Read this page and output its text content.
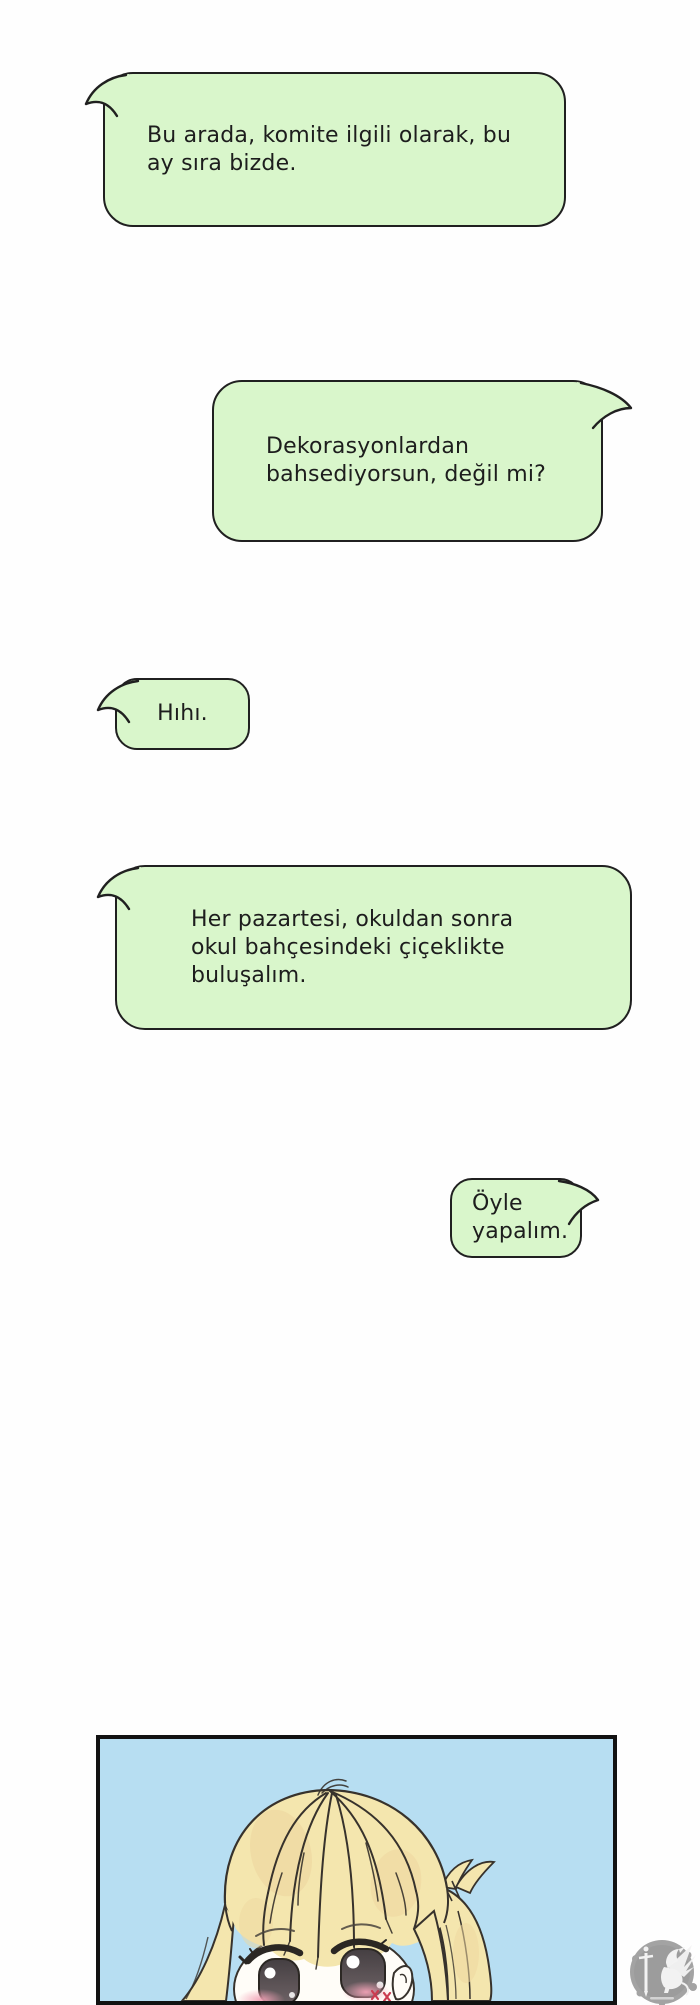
Bu arada, komite ilgili olarak, bu
ay sıra bizde.
Dekorasyonlardan
bahsediyorsun, değil mi?
Hıhı.
Her pazartesi, okuldan sonra
okul bahçesindeki çiçeklikte
buluşalım.
Öyle
yapalım.
